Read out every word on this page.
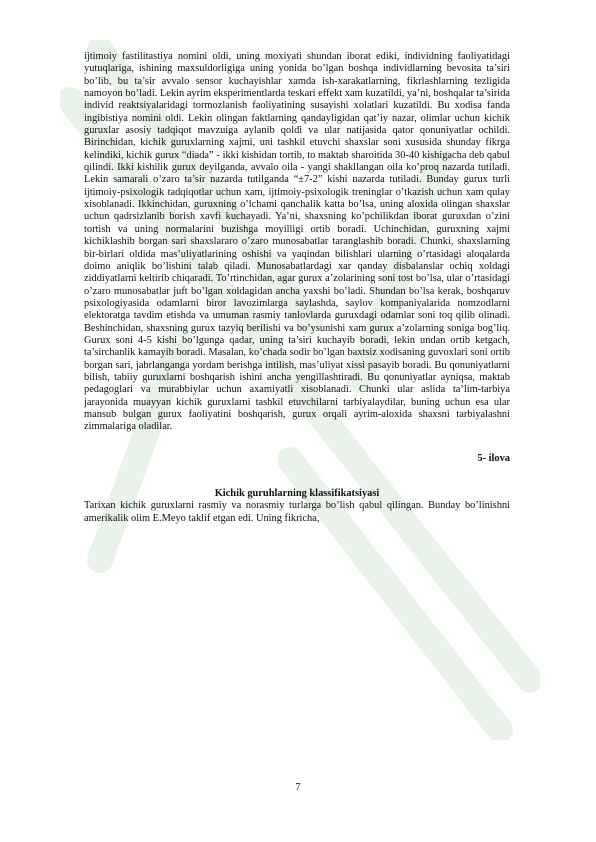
ijtimoiy fastilitastiya nomini oldi, uning moxiyati shundan iborat ediki, individning faoliyatidagi yutuqlariga, ishining maxsuldorligiga uning yonida bo’lgan boshqa individlarning bevosita ta’siri bo’lib, bu ta’sir avvalo sensor kuchayishlar xamda ish-xarakatlarning, fikrlashlarning tezligida namoyon bo’ladi. Lekin ayrim eksperimentlarda teskari effekt xam kuzatildi, ya’ni, boshqalar ta’sirida individ reaktsiyalaridagi tormozlanish faoliyatining susayishi xolatlari kuzatildi. Bu xodisa fanda ingibistiya nomini oldi. Lekin olingan faktlarning qandayligidan qat’iy nazar, olimlar uchun kichik guruxlar asosiy tadqiqot mavzuiga aylanib qoldi va ular natijasida qator qonuniyatlar ochildi. Birinchidan, kichik guruxlarning xajmi, uni tashkil etuvchi shaxslar soni xususida shunday fikrga kelindiki, kichik gurux “diada” - ikki kishidan tortib, to maktab sharoitida 30-40 kishigacha deb qabul qilindi. Ikki kishilik gurux deyilganda, avvalo oila - yangi shakllangan oila ko’proq nazarda tutiladi. Lekin samarali o’zaro ta’sir nazarda tutilganda “±7-2” kishi nazarda tutiladi. Bunday gurux turli ijtimoiy-psixologik tadqiqotlar uchun xam, ijtimoiy-psixologik treninglar o’tkazish uchun xam qulay xisoblanadi. Ikkinchidan, guruxning o’lchami qanchalik katta bo’lsa, uning aloxida olingan shaxslar uchun qadrsizlanib borish xavfi kuchayadi. Ya’ni, shaxsning ko’pchilikdan iborat guruxdan o’zini tortish va uning normalarini buzishga moyilligi ortib boradi. Uchinchidan, guruxning xajmi kichiklashib borgan sari shaxslararo o’zaro munosabatlar taranglashib boradi. Chunki, shaxslarning bir-birlari oldida mas’uliyatlarining oshishi va yaqindan bilishlari ularning o’rtasidagi aloqalarda doimo aniqlik bo’lishini talab qiladi. Munosabatlardagi xar qanday disbalanslar ochiq xoldagi ziddiyatlarni keltirib chiqaradi. To’rtinchidan, agar gurux a’zolarining soni tost bo’lsa, ular o’rtasidagi o’zaro munosabatlar juft bo’lgan xoldagidan ancha yaxshi bo’ladi. Shundan bo’lsa kerak, boshqaruv psixologiyasida odamlarni biror lavozimlarga saylashda, saylov kompaniyalarida nomzodlarni elektoratga tavdim etishda va umuman rasmiy tanlovlarda guruxdagi odamlar soni toq qilib olinadi. Beshinchidan, shaxsning gurux tazyiq berilishi va bo’ysunishi xam gurux a’zolarning soniga bog’liq. Gurux soni 4-5 kishi bo’lgunga qadar, uning ta’siri kuchayib boradi, lekin undan ortib ketgach, ta’sirchanlik kamayib boradi. Masalan, ko’chada sodir bo’lgan baxtsiz xodisaning guvoxlari soni ortib borgan sari, jabrlanganga yordam berishga intilish, mas’uliyat xissi pasayib boradi. Bu qonuniyatlarni bilish, tabiiy guruxlarni boshqarish ishini ancha yengillashtiradi. Bu qonuniyatlar ayniqsa, maktab pedagoglari va murabbiylar uchun axamiyatli xisoblanadi. Chunki ular aslida ta’lim-tarbiya jarayonida muayyan kichik guruxlarni tashkil etuvchilarni tarbiyalaydilar, buning uchun esa ular mansub bulgan gurux faoliyatini boshqarish, gurux orqali ayrim-aloxida shaxsni tarbiyalashni zimmalariga oladilar.

5- ilova
Kichik guruhlarning klassifikatsiyasi

Tarixan kichik guruxlarni rasmiy va norasmiy turlarga bo’lish qabul qilingan. Bunday bo’linishni amerikalik olim E.Meyo taklif etgan edi. Uning fikricha,

7
